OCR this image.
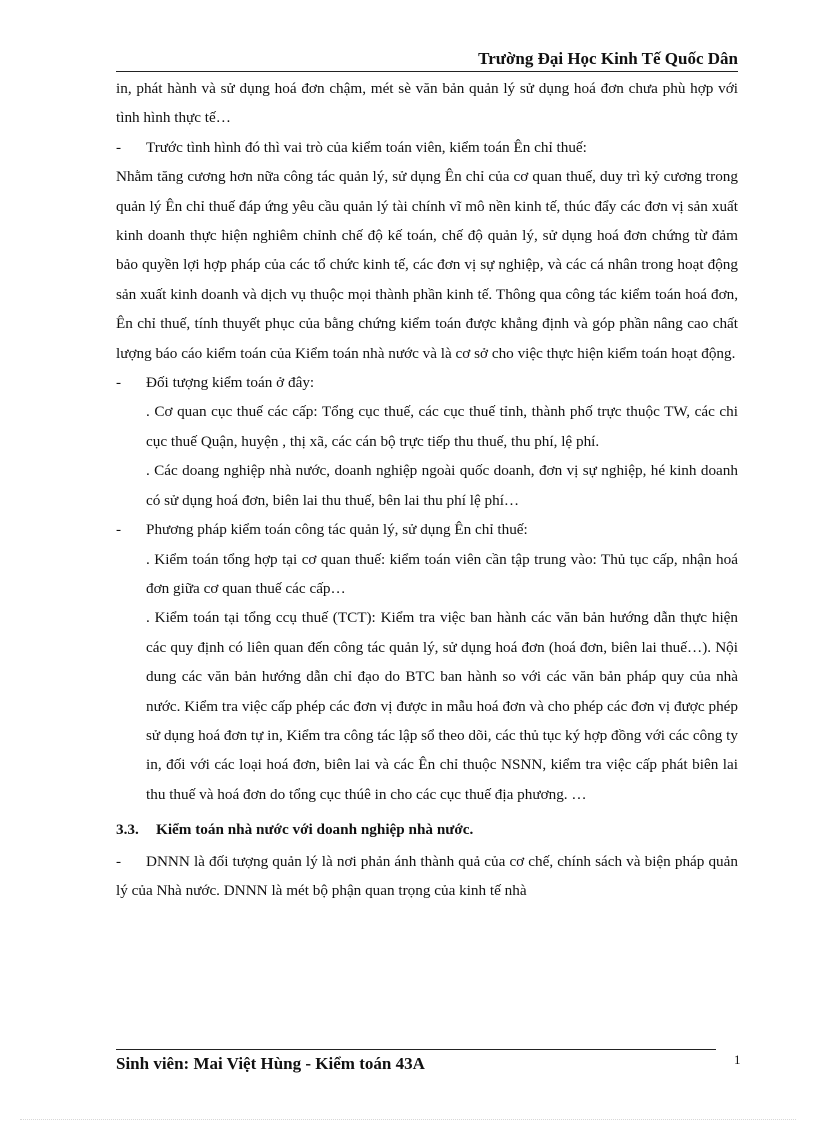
Trường Đại Học Kinh Tế Quốc Dân

in, phát hành và sử dụng hoá đơn chậm, mét sè văn bản quản lý sử dụng hoá đơn chưa phù hợp với tình hình thực tế…

- Trước tình hình đó thì vai trò của kiểm toán viên, kiểm toán Ên chỉ thuế:

Nhằm tăng cương hơn nữa công tác quản lý, sử dụng Ên chỉ của cơ quan thuế, duy trì kỷ cương trong quản lý Ên chỉ thuế đáp ứng yêu cầu quản lý tài chính vĩ mô nền kinh tế, thúc đẩy các đơn vị sản xuất kinh doanh thực hiện nghiêm chỉnh chế độ kế toán, chế độ quản lý, sử dụng hoá đơn chứng từ đảm bảo quyền lợi hợp pháp của các tổ chức kinh tế, các đơn vị sự nghiệp, và các cá nhân trong hoạt động sản xuất kinh doanh và dịch vụ thuộc mọi thành phần kinh tế. Thông qua công tác kiểm toán hoá đơn, Ên chỉ thuế, tính thuyết phục của bằng chứng kiểm toán được khẳng định và góp phần nâng cao chất lượng báo cáo kiểm toán của Kiểm toán nhà nước và là cơ sở cho việc thực hiện kiểm toán hoạt động.

- Đối tượng kiểm toán ở đây:

. Cơ quan cục thuế các cấp: Tổng cục thuế, các cục thuế tỉnh, thành phố trực thuộc TW, các chi cục thuế Quận, huyện , thị xã, các cán bộ trực tiếp thu thuế, thu phí, lệ phí.

. Các doang nghiệp nhà nước, doanh nghiệp ngoài quốc doanh, đơn vị sự nghiệp, hé kinh doanh có sử dụng hoá đơn, biên lai thu thuế, bên lai thu phí lệ phí…

- Phương pháp kiểm toán công tác quản lý, sử dụng Ên chỉ thuế:

. Kiểm toán tổng hợp tại cơ quan thuế: kiểm toán viên cần tập trung vào: Thủ tục cấp, nhận hoá đơn giữa cơ quan thuế các cấp…

. Kiểm toán tại tổng ccụ thuế (TCT): Kiểm tra việc ban hành các văn bản hướng dẫn thực hiện các quy định có liên quan đến công tác quản lý, sử dụng hoá đơn (hoá đơn, biên lai thuế…). Nội dung các văn bản hướng dẫn chỉ đạo do BTC ban hành so với các văn bản pháp quy của nhà nước. Kiểm tra việc cấp phép các đơn vị được in mẫu hoá đơn và cho phép các đơn vị được phép sử dụng hoá đơn tự in, Kiểm tra công tác lập sổ theo dõi, các thủ tục ký hợp đồng với các công ty in, đối với các loại hoá đơn, biên lai và các Ên chỉ thuộc NSNN, kiểm tra việc cấp phát biên lai thu thuế và hoá đơn do tổng cục thúê in cho các cục thuế địa phương. …

3.3. Kiểm toán nhà nước với doanh nghiệp nhà nước.

- DNNN là đối tượng quản lý là nơi phản ánh thành quả của cơ chế, chính sách và biện pháp quản lý của Nhà nước. DNNN là mét bộ phận quan trọng của kinh tế nhà

Sinh viên: Mai Việt Hùng - Kiểm toán 43A	1
